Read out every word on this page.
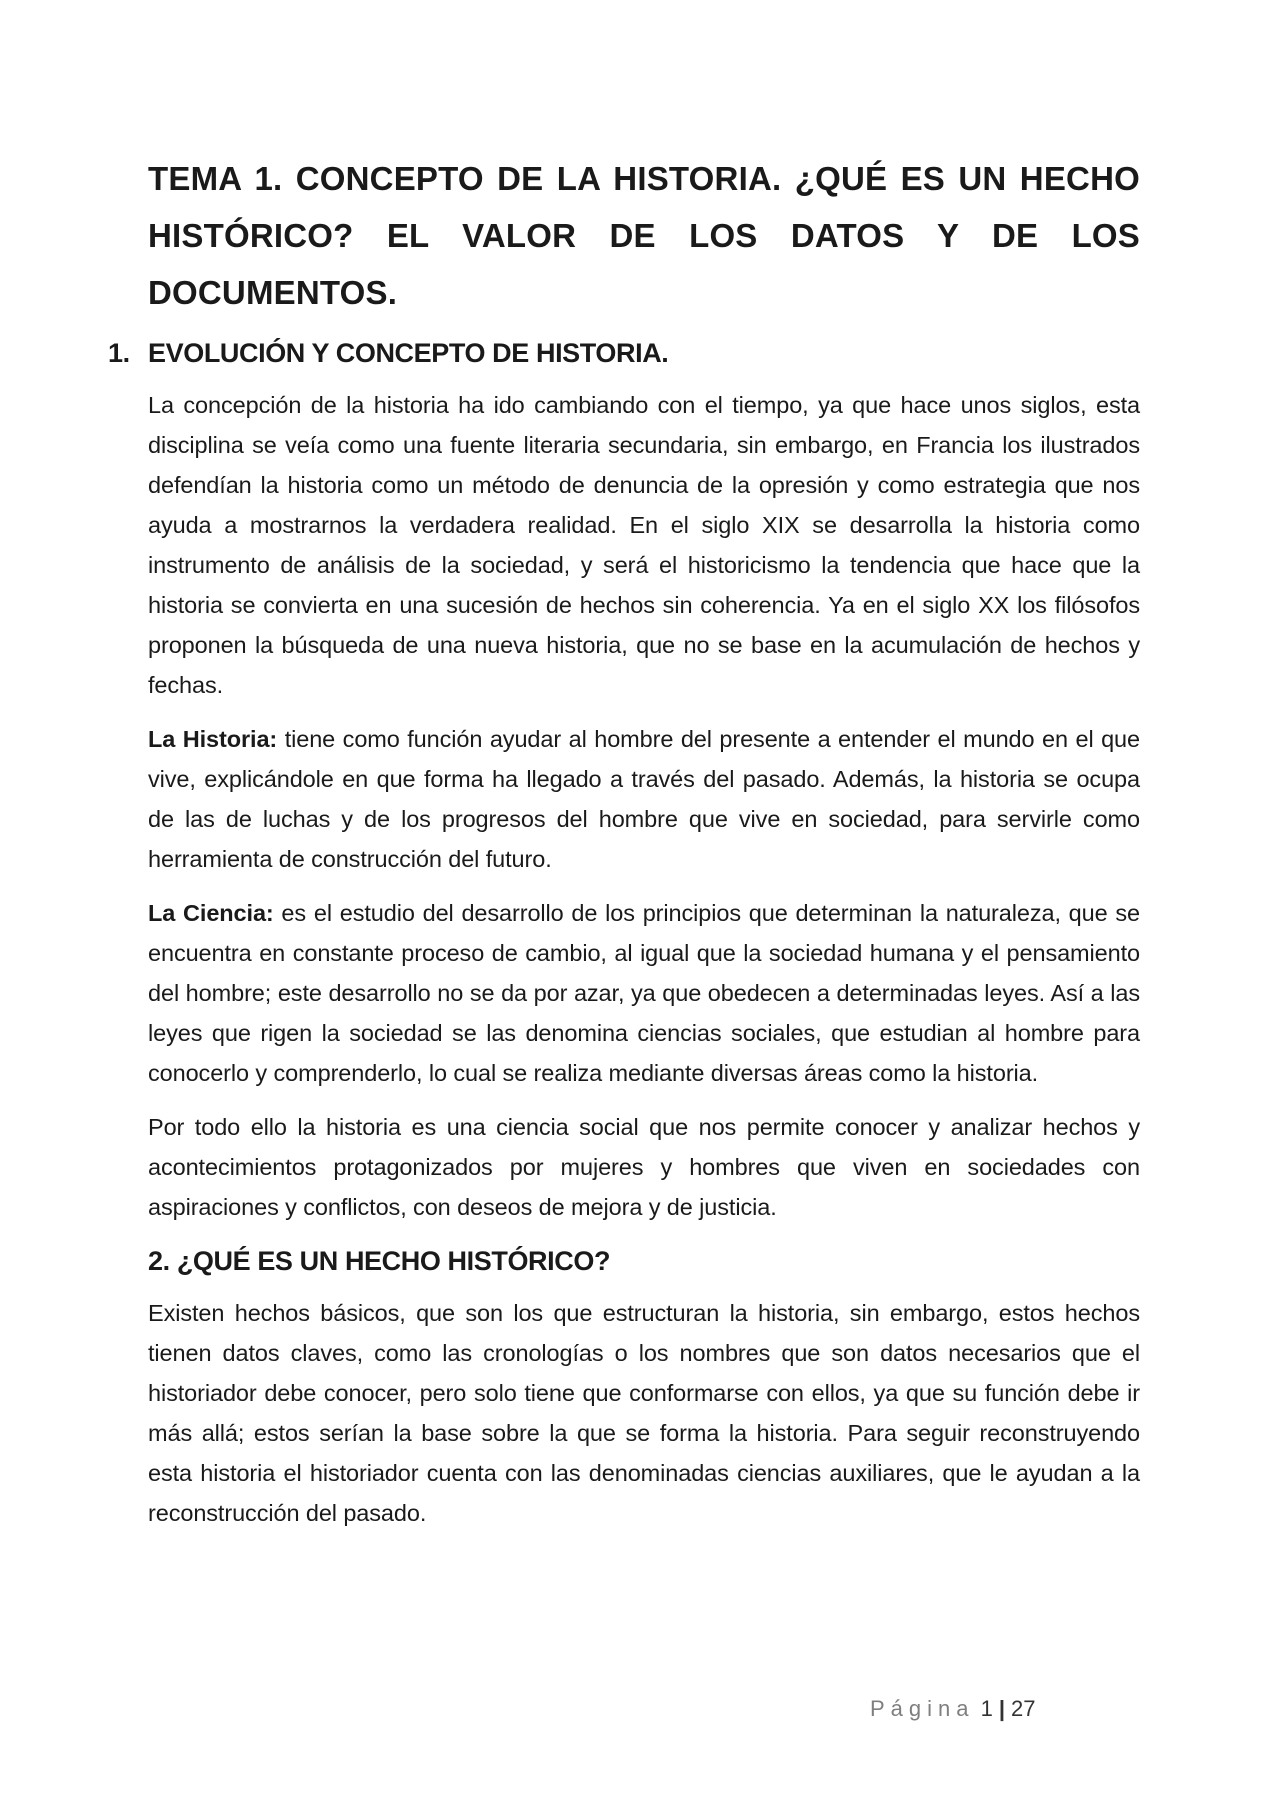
TEMA 1. CONCEPTO DE LA HISTORIA. ¿QUÉ ES UN HECHO HISTÓRICO? EL VALOR DE LOS DATOS Y DE LOS DOCUMENTOS.
1. EVOLUCIÓN Y CONCEPTO DE HISTORIA.

La concepción de la historia ha ido cambiando con el tiempo, ya que hace unos siglos, esta disciplina se veía como una fuente literaria secundaria, sin embargo, en Francia los ilustrados defendían la historia como un método de denuncia de la opresión y como estrategia que nos ayuda a mostrarnos la verdadera realidad. En el siglo XIX se desarrolla la historia como instrumento de análisis de la sociedad, y será el historicismo la tendencia que hace que la historia se convierta en una sucesión de hechos sin coherencia. Ya en el siglo XX los filósofos proponen la búsqueda de una nueva historia, que no se base en la acumulación de hechos y fechas.

La Historia: tiene como función ayudar al hombre del presente a entender el mundo en el que vive, explicándole en que forma ha llegado a través del pasado. Además, la historia se ocupa de las de luchas y de los progresos del hombre que vive en sociedad, para servirle como herramienta de construcción del futuro.

La Ciencia: es el estudio del desarrollo de los principios que determinan la naturaleza, que se encuentra en constante proceso de cambio, al igual que la sociedad humana y el pensamiento del hombre; este desarrollo no se da por azar, ya que obedecen a determinadas leyes. Así a las leyes que rigen la sociedad se las denomina ciencias sociales, que estudian al hombre para conocerlo y comprenderlo, lo cual se realiza mediante diversas áreas como la historia.

Por todo ello la historia es una ciencia social que nos permite conocer y analizar hechos y acontecimientos protagonizados por mujeres y hombres que viven en sociedades con aspiraciones y conflictos, con deseos de mejora y de justicia.

2. ¿QUÉ ES UN HECHO HISTÓRICO?

Existen hechos básicos, que son los que estructuran la historia, sin embargo, estos hechos tienen datos claves, como las cronologías o los nombres que son datos necesarios que el historiador debe conocer, pero solo tiene que conformarse con ellos, ya que su función debe ir más allá; estos serían la base sobre la que se forma la historia. Para seguir reconstruyendo esta historia el historiador cuenta con las denominadas ciencias auxiliares, que le ayudan a la reconstrucción del pasado.

Página 1 | 27
